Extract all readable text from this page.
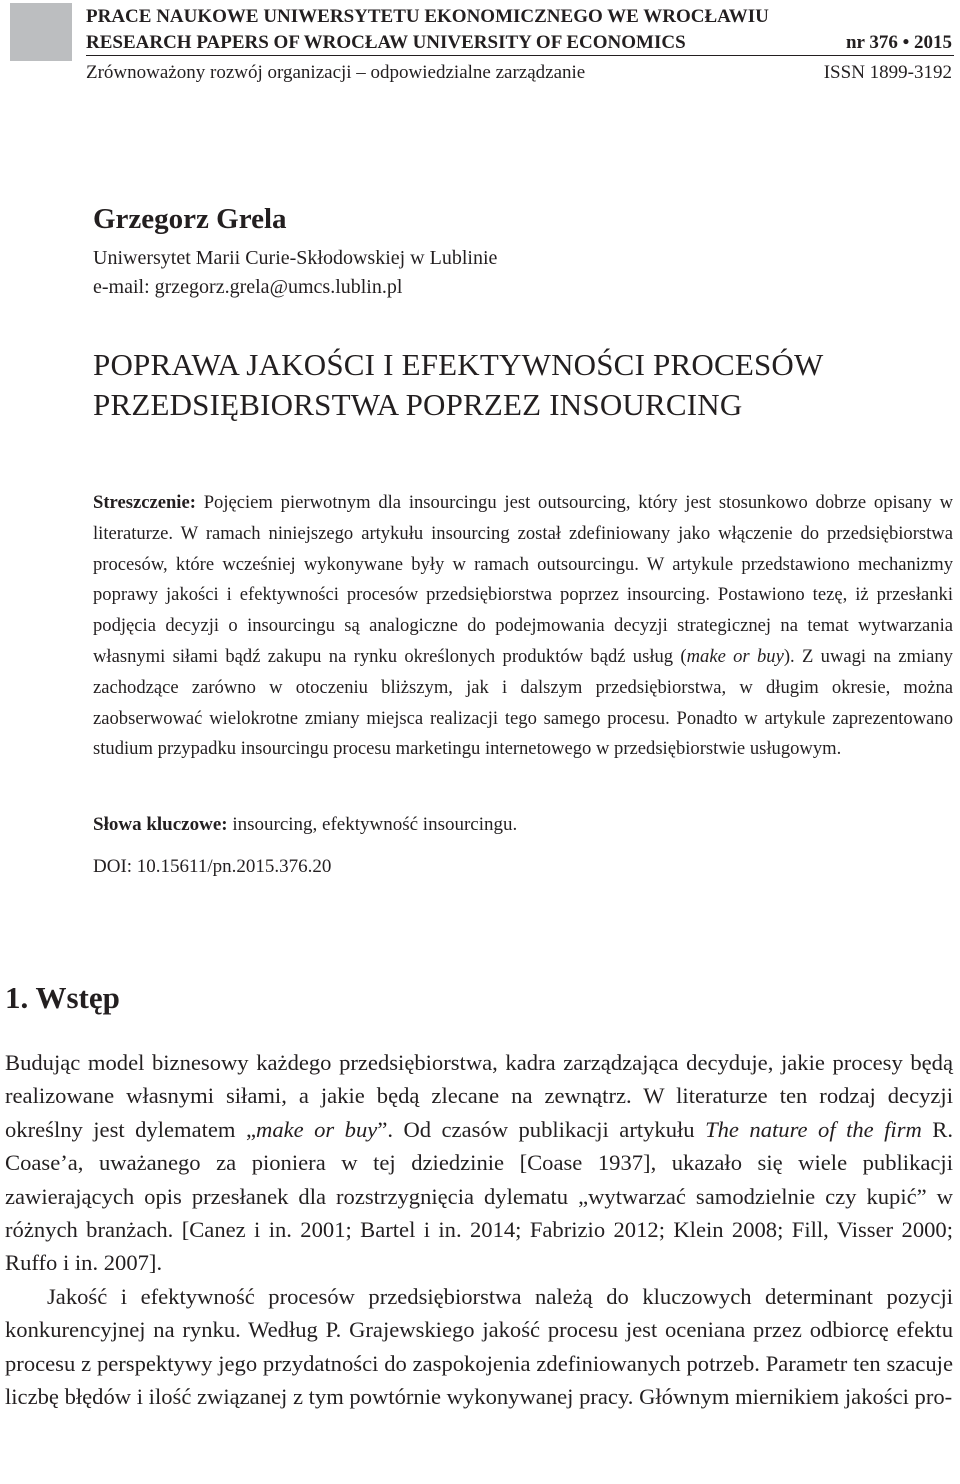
PRACE NAUKOWE UNIWERSYTETU EKONOMICZNEGO WE WROCŁAWIU
RESEARCH PAPERS OF WROCŁAW UNIVERSITY OF ECONOMICS	nr 376 • 2015
Zrównoważony rozwój organizacji – odpowiedzialne zarządzanie	ISSN 1899-3192
Grzegorz Grela
Uniwersytet Marii Curie-Skłodowskiej w Lublinie
e-mail: grzegorz.grela@umcs.lublin.pl
POPRAWA JAKOŚCI I EFEKTYWNOŚCI PROCESÓW
PRZEDSIĘBIORSTWA POPRZEZ INSOURCING
Streszczenie: Pojęciem pierwotnym dla insourcingu jest outsourcing, który jest stosunkowo dobrze opisany w literaturze. W ramach niniejszego artykułu insourcing został zdefiniowany jako włączenie do przedsiębiorstwa procesów, które wcześniej wykonywane były w ramach outsourcingu. W artykule przedstawiono mechanizmy poprawy jakości i efektywności procesów przedsiębiorstwa poprzez insourcing. Postawiono tezę, iż przesłanki podjęcia decyzji o insourcingu są analogiczne do podejmowania decyzji strategicznej na temat wytwarzania własnymi siłami bądź zakupu na rynku określonych produktów bądź usług (make or buy). Z uwagi na zmiany zachodzące zarówno w otoczeniu bliższym, jak i dalszym przedsiębiorstwa, w długim okresie, można zaobserwować wielokrotne zmiany miejsca realizacji tego samego procesu. Ponadto w artykule zaprezentowano studium przypadku insourcingu procesu marketingu internetowego w przedsiębiorstwie usługowym.
Słowa kluczowe: insourcing, efektywność insourcingu.
DOI: 10.15611/pn.2015.376.20
1. Wstęp

Budując model biznesowy każdego przedsiębiorstwa, kadra zarządzająca decyduje, jakie procesy będą realizowane własnymi siłami, a jakie będą zlecane na zewnątrz. W literaturze ten rodzaj decyzji określny jest dylematem „make or buy”. Od czasów publikacji artykułu The nature of the firm R. Coase’a, uważanego za pioniera w tej dziedzinie [Coase 1937], ukazało się wiele publikacji zawierających opis przesłanek dla rozstrzygnięcia dylematu „wytwarzać samodzielnie czy kupić” w różnych branżach. [Canez i in. 2001; Bartel i in. 2014; Fabrizio 2012; Klein 2008; Fill, Visser 2000; Ruffo i in. 2007].

Jakość i efektywność procesów przedsiębiorstwa należą do kluczowych determinant pozycji konkurencyjnej na rynku. Według P. Grajewskiego jakość procesu jest oceniana przez odbiorcę efektu procesu z perspektywy jego przydatności do zaspokojenia zdefiniowanych potrzeb. Parametr ten szacuje liczbę błędów i ilość związanej z tym powtórnie wykonywanej pracy. Głównym miernikiem jakości pro-
